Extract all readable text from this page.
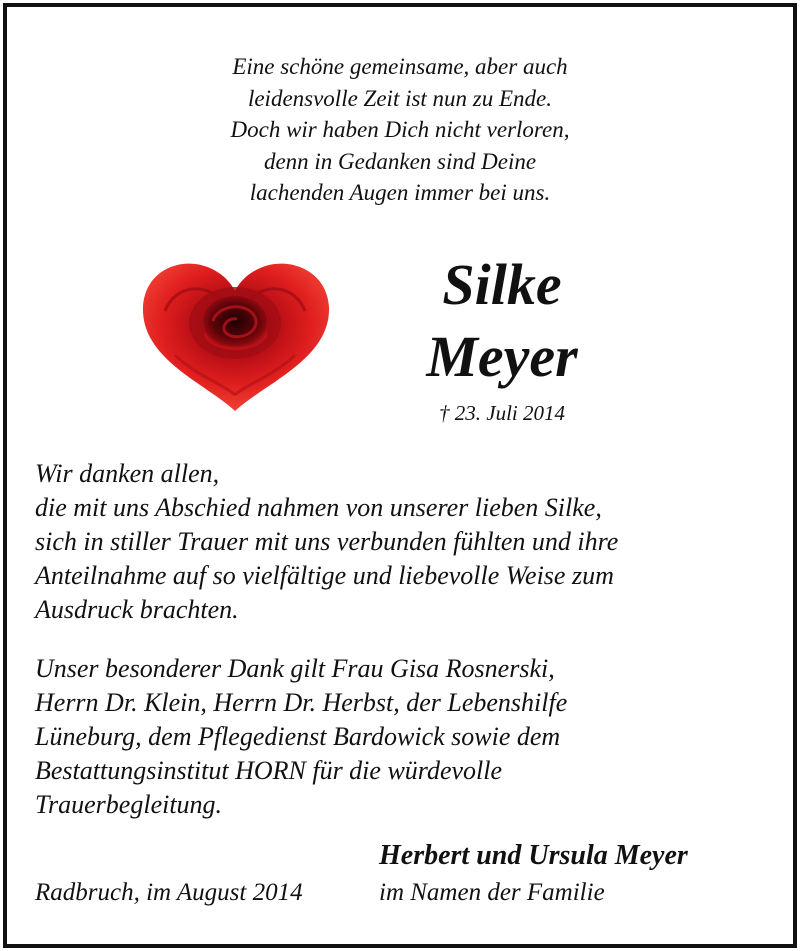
Eine schöne gemeinsame, aber auch
leidensvolle Zeit ist nun zu Ende.
Doch wir haben Dich nicht verloren,
denn in Gedanken sind Deine
lachenden Augen immer bei uns.
Silke
Meyer
† 23. Juli 2014
Wir danken allen,
die mit uns Abschied nahmen von unserer lieben Silke,
sich in stiller Trauer mit uns verbunden fühlten und ihre
Anteilnahme auf so vielfältige und liebevolle Weise zum
Ausdruck brachten.
Unser besonderer Dank gilt Frau Gisa Rosnerski,
Herrn Dr. Klein, Herrn Dr. Herbst, der Lebenshilfe
Lüneburg, dem Pflegedienst Bardowick sowie dem
Bestattungsinstitut HORN für die würdevolle
Trauerbegleitung.
Herbert und Ursula Meyer
Radbruch, im August 2014	im Namen der Familie
